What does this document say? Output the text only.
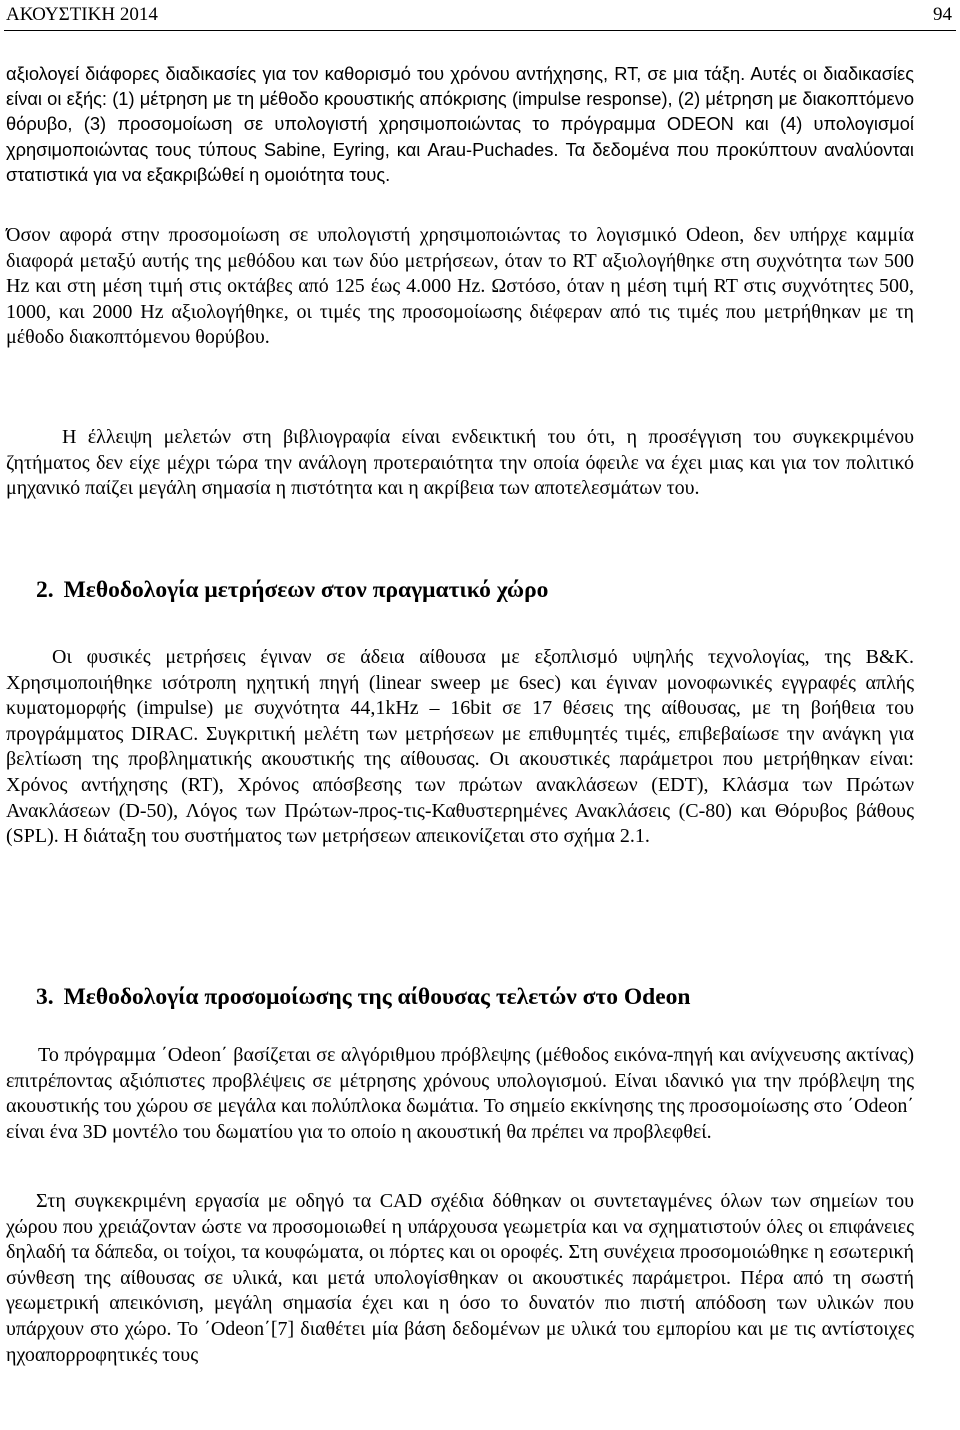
ΑΚΟΥΣΤΙΚΗ 2014	94

αξιολογεί διάφορες διαδικασίες για τον καθορισμό του χρόνου αντήχησης, RT, σε μια τάξη. Αυτές οι διαδικασίες είναι οι εξής: (1) μέτρηση με τη μέθοδο κρουστικής απόκρισης (impulse response), (2) μέτρηση με διακοπτόμενο θόρυβο, (3) προσομοίωση σε υπολογιστή χρησιμοποιώντας το πρόγραμμα ODEON και (4) υπολογισμοί χρησιμοποιώντας τους τύπους Sabine, Eyring, και Arau-Puchades. Τα δεδομένα που προκύπτουν αναλύονται στατιστικά για να εξακριβώθεί η ομοιότητα τους.

Όσον αφορά στην προσομοίωση σε υπολογιστή χρησιμοποιώντας το λογισμικό Odeon, δεν υπήρχε καμμία διαφορά μεταξύ αυτής της μεθόδου και των δύο μετρήσεων, όταν το RT αξιολογήθηκε στη συχνότητα των 500 Hz και στη μέση τιμή στις οκτάβες από 125 έως 4.000 Hz. Ωστόσο, όταν η μέση τιμή RT στις συχνότητες 500, 1000, και 2000 Hz αξιολογήθηκε, οι τιμές της προσομοίωσης διέφεραν από τις τιμές που μετρήθηκαν με τη μέθοδο διακοπτόμενου θορύβου.

Η έλλειψη μελετών στη βιβλιογραφία είναι ενδεικτική του ότι, η προσέγγιση του συγκεκριμένου ζητήματος δεν είχε μέχρι τώρα την ανάλογη προτεραιότητα την οποία όφειλε να έχει μιας και για τον πολιτικό μηχανικό παίζει μεγάλη σημασία η πιστότητα και η ακρίβεια των αποτελεσμάτων του.

2. Μεθοδολογία μετρήσεων στον πραγματικό χώρο

Οι φυσικές μετρήσεις έγιναν σε άδεια αίθουσα με εξοπλισμό υψηλής τεχνολογίας, της B&K. Χρησιμοποιήθηκε ισότροπη ηχητική πηγή (linear sweep με 6sec) και έγιναν μονοφωνικές εγγραφές απλής κυματομορφής (impulse) με συχνότητα 44,1kHz – 16bit σε 17 θέσεις της αίθουσας, με τη βοήθεια του προγράμματος DIRAC. Συγκριτική μελέτη των μετρήσεων με επιθυμητές τιμές, επιβεβαίωσε την ανάγκη για βελτίωση της προβληματικής ακουστικής της αίθουσας. Οι ακουστικές παράμετροι που μετρήθηκαν είναι: Χρόνος αντήχησης (RT), Χρόνος απόσβεσης των πρώτων ανακλάσεων (EDT), Κλάσμα των Πρώτων Ανακλάσεων (D-50), Λόγος των Πρώτων-προς-τις-Καθυστερημένες Ανακλάσεις (C-80) και Θόρυβος βάθους (SPL). Η διάταξη του συστήματος των μετρήσεων απεικονίζεται στο σχήμα 2.1.

3. Μεθοδολογία προσομοίωσης της αίθουσας τελετών στο Odeon

Το πρόγραμμα ΄Odeon΄ βασίζεται σε αλγόριθμου πρόβλεψης (μέθοδος εικόνα-πηγή και ανίχνευσης ακτίνας) επιτρέποντας αξιόπιστες προβλέψεις σε μέτρησης χρόνους υπολογισμού. Είναι ιδανικό για την πρόβλεψη της ακουστικής του χώρου σε μεγάλα και πολύπλοκα δωμάτια. Το σημείο εκκίνησης της προσομοίωσης στο ΄Odeon΄ είναι ένα 3D μοντέλο του δωματίου για το οποίο η ακουστική θα πρέπει να προβλεφθεί.

Στη συγκεκριμένη εργασία με οδηγό τα CAD σχέδια δόθηκαν οι συντεταγμένες όλων των σημείων του χώρου που χρειάζονταν ώστε να προσομοιωθεί η υπάρχουσα γεωμετρία και να σχηματιστούν όλες οι επιφάνειες δηλαδή τα δάπεδα, οι τοίχοι, τα κουφώματα, οι πόρτες και οι οροφές. Στη συνέχεια προσομοιώθηκε η εσωτερική σύνθεση της αίθουσας σε υλικά, και μετά υπολογίσθηκαν οι ακουστικές παράμετροι. Πέρα από τη σωστή γεωμετρική απεικόνιση, μεγάλη σημασία έχει και η όσο το δυνατόν πιο πιστή απόδοση των υλικών που υπάρχουν στο χώρο. Το ΄Odeon΄[7] διαθέτει μία βάση δεδομένων με υλικά του εμπορίου και με τις αντίστοιχες ηχοαπορροφητικές τους
